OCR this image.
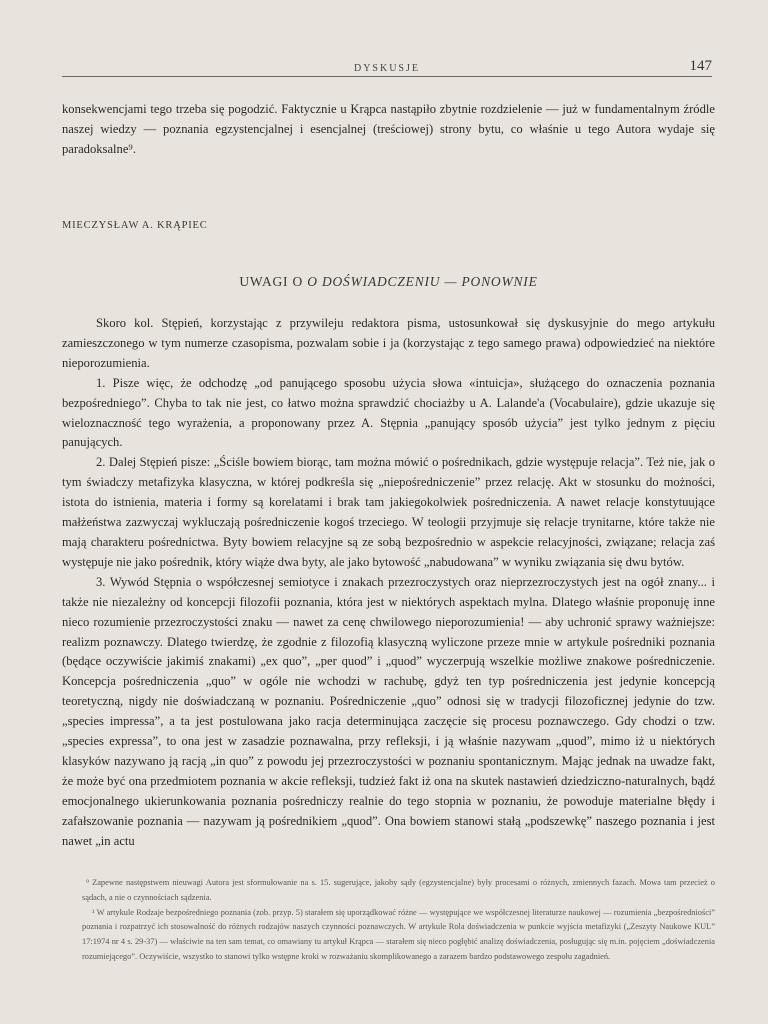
DYSKUSJE	147

konsekwencjami tego trzeba się pogodzić. Faktycznie u Krąpca nastąpiło zbytnie rozdzielenie — już w fundamentalnym źródle naszej wiedzy — poznania egzystencjalnej i esencjalnej (treściowej) strony bytu, co właśnie u tego Autora wydaje się paradoksalne⁹.

MIECZYSŁAW A. KRĄPIEC
UWAGI O O DOŚWIADCZENIU — PONOWNIE

Skoro kol. Stępień, korzystając z przywileju redaktora pisma, ustosunkował się dyskusyjnie do mego artykułu zamieszczonego w tym numerze czasopisma, pozwalam sobie i ja (korzystając z tego samego prawa) odpowiedzieć na niektóre nieporozumienia.

1. Pisze więc, że odchodzę „od panującego sposobu użycia słowa «intuicja», służącego do oznaczenia poznania bezpośredniego”. Chyba to tak nie jest, co łatwo można sprawdzić chociażby u A. Lalande'a (Vocabulaire), gdzie ukazuje się wieloznaczność tego wyrażenia, a proponowany przez A. Stępnia „panujący sposób użycia” jest tylko jednym z pięciu panujących.

2. Dalej Stępień pisze: „Ściśle bowiem biorąc, tam można mówić o pośrednikach, gdzie występuje relacja”. Też nie, jak o tym świadczy metafizyka klasyczna, w której podkreśla się „niepośredniczenie” przez relację. Akt w stosunku do możności, istota do istnienia, materia i formy są korelatami i brak tam jakiegokolwiek pośredniczenia. A nawet relacje konstytuujące małżeństwa zazwyczaj wykluczają pośredniczenie kogoś trzeciego. W teologii przyjmuje się relacje trynitarne, które także nie mają charakteru pośrednictwa. Byty bowiem relacyjne są ze sobą bezpośrednio w aspekcie relacyjności, związane; relacja zaś występuje nie jako pośrednik, który wiąże dwa byty, ale jako bytowość „nabudowana” w wyniku związania się dwu bytów.

3. Wywód Stępnia o współczesnej semiotyce i znakach przezroczystych oraz nieprzezroczystych jest na ogół znany... i także nie niezależny od koncepcji filozofii poznania, która jest w niektórych aspektach mylna. Dlatego właśnie proponuję inne nieco rozumienie przezroczystości znaku — nawet za cenę chwilowego nieporozumienia! — aby uchronić sprawy ważniejsze: realizm poznawczy. Dlatego twierdzę, że zgodnie z filozofią klasyczną wyliczone przeze mnie w artykule pośredniki poznania (będące oczywiście jakimiś znakami) „ex quo”, „per quod” i „quod” wyczerpują wszelkie możliwe znakowe pośredniczenie. Koncepcja pośredniczenia „quo” w ogóle nie wchodzi w rachubę, gdyż ten typ pośredniczenia jest jedynie koncepcją teoretyczną, nigdy nie doświadczaną w poznaniu. Pośredniczenie „quo” odnosi się w tradycji filozoficznej jedynie do tzw. „species impressa”, a ta jest postulowana jako racja determinująca zaczęcie się procesu poznawczego. Gdy chodzi o tzw. „species expressa”, to ona jest w zasadzie poznawalna, przy refleksji, i ją właśnie nazywam „quod”, mimo iż u niektórych klasyków nazywano ją racją „in quo” z powodu jej przezroczystości w poznaniu spontanicznym. Mając jednak na uwadze fakt, że może być ona przedmiotem poznania w akcie refleksji, tudzież fakt iż ona na skutek nastawień dziedziczno-naturalnych, bądź emocjonalnego ukierunkowania poznania pośredniczy realnie do tego stopnia w poznaniu, że powoduje materialne błędy i zafałszowanie poznania — nazywam ją pośrednikiem „quod”. Ona bowiem stanowi stałą „podszewkę” naszego poznania i jest nawet „in actu

⁹ Zapewne następstwem nieuwagi Autora jest sformułowanie na s. 15. sugerujące, jakoby sądy (egzystencjalne) były procesami o różnych, zmiennych fazach. Mowa tam przecież o sądach, a nie o czynnościach sądzenia.

¹ W artykule Rodzaje bezpośredniego poznania (zob. przyp. 5) starałem się uporządkować różne — występujące we współczesnej literaturze naukowej — rozumienia „bezpośredniości” poznania i rozpatrzyć ich stosowalność do różnych rodzajów naszych czynności poznawczych. W artykule Rola doświadczenia w punkcie wyjścia metafizyki („Zeszyty Naukowe KUL” 17:1974 nr 4 s. 29-37) — właściwie na ten sam temat, co omawiany tu artykuł Krąpca — starałem się nieco pogłębić analizę doświadczenia, posługując się m.in. pojęciem „doświadczenia rozumiejącego”. Oczywiście, wszystko to stanowi tylko wstępne kroki w rozważaniu skomplikowanego a zarazem bardzo podstawowego zespołu zagadnień.
